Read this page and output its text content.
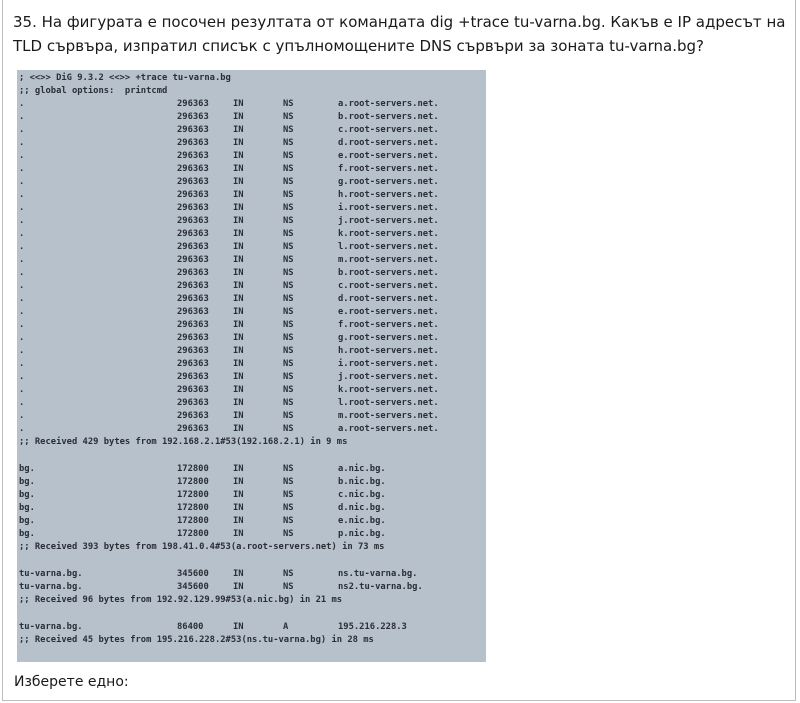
35. На фигурата е посочен резултата от командата dig +trace tu-varna.bg. Какъв е IP адресът на TLD сървъра, изпратил списък с упълномощените DNS сървъри за зоната tu-varna.bg?

; <<>> DiG 9.3.2 <<>> +trace tu-varna.bg
;; global options:  printcmd
.	296363	IN	NS	a.root-servers.net.
.	296363	IN	NS	b.root-servers.net.
.	296363	IN	NS	c.root-servers.net.
.	296363	IN	NS	d.root-servers.net.
.	296363	IN	NS	e.root-servers.net.
.	296363	IN	NS	f.root-servers.net.
.	296363	IN	NS	g.root-servers.net.
.	296363	IN	NS	h.root-servers.net.
.	296363	IN	NS	i.root-servers.net.
.	296363	IN	NS	j.root-servers.net.
.	296363	IN	NS	k.root-servers.net.
.	296363	IN	NS	l.root-servers.net.
.	296363	IN	NS	m.root-servers.net.
.	296363	IN	NS	b.root-servers.net.
.	296363	IN	NS	c.root-servers.net.
.	296363	IN	NS	d.root-servers.net.
.	296363	IN	NS	e.root-servers.net.
.	296363	IN	NS	f.root-servers.net.
.	296363	IN	NS	g.root-servers.net.
.	296363	IN	NS	h.root-servers.net.
.	296363	IN	NS	i.root-servers.net.
.	296363	IN	NS	j.root-servers.net.
.	296363	IN	NS	k.root-servers.net.
.	296363	IN	NS	l.root-servers.net.
.	296363	IN	NS	m.root-servers.net.
.	296363	IN	NS	a.root-servers.net.
;; Received 429 bytes from 192.168.2.1#53(192.168.2.1) in 9 ms
bg.	172800	IN	NS	a.nic.bg.
bg.	172800	IN	NS	b.nic.bg.
bg.	172800	IN	NS	c.nic.bg.
bg.	172800	IN	NS	d.nic.bg.
bg.	172800	IN	NS	e.nic.bg.
bg.	172800	IN	NS	p.nic.bg.
;; Received 393 bytes from 198.41.0.4#53(a.root-servers.net) in 73 ms
tu-varna.bg.	345600	IN	NS	ns.tu-varna.bg.
tu-varna.bg.	345600	IN	NS	ns2.tu-varna.bg.
;; Received 96 bytes from 192.92.129.99#53(a.nic.bg) in 21 ms
tu-varna.bg.	86400	IN	A	195.216.228.3
;; Received 45 bytes from 195.216.228.2#53(ns.tu-varna.bg) in 28 ms

Изберете едно:
